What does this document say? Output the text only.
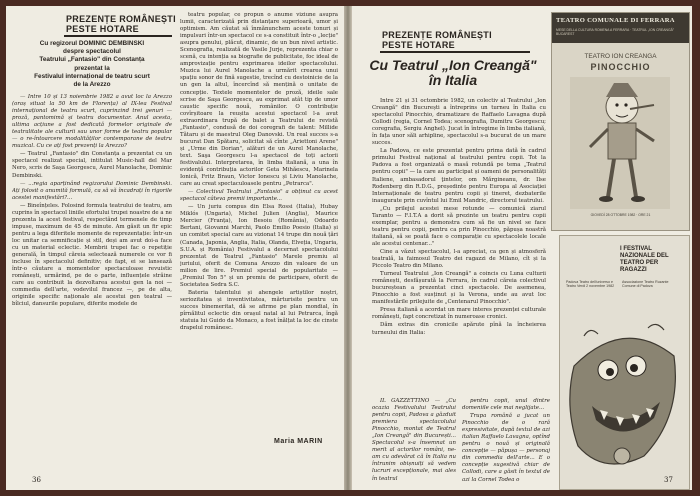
PREZENȚE ROMÂNEȘTI
PESTE HOTARE
Cu regizorul DOMINIC DEMBINSKI
despre spectacolul
Teatrului „Fantasio" din Constanța
prezentat la
Festivalul internațional de teatru scurt
de la Arezzo

— Între 10 și 13 noiembrie 1982 a avut loc la Arezzo (oraș situat la 50 km de Florența) al IX-lea Festival internațional de teatru scurt, cuprinzind trei genuri — proză, pantomimă și teatru documentar. Anul acesta, ultima acțiune a fost dedicată formelor originale de teatralitate ale culturii sau unor forme de teatru popular — o re-întoarcere modalităților contemporane de teatru muzical. Cu ce ați fost prezenți la Arezzo?

— Teatrul „Fantasio" din Constanța a prezentat cu un spectacol realizat special, intitulat Music-hall del Mar Nero, scris de Saşa Georgescu, Aurel Manolache, Dominic Dembinski.

— ...regia aparținând regizorului Dominic Dembinski. Ați folosit o anumită formulă, ca să vă încadrați în rigorile acestei manifestări?...

— Bineînțeles. Folosind formula teatrului de teatru, am cuprins în spectacol liniile efortului trupei noastre de a ne prezenta la acest festival, respectând termenele de timp impuse, maximum de 45 de minute. Am găsit un fir epic pentru a lega diferitele momente de reprezentație: într-un loc unitar ca semnificație și stil, deși am avut doi-a face cu un material eclectic. Membrii trupei fac o repetiție generală, în timpul căreia selectează numerele ce vor fi incluse în spectacolul definitiv; de fapt, ei se lansează într-o căutare a momentelor spectaculoase revuistic românești, urmărind, pe de o parte, influențele străine care au contribuit la dezvoltarea acestui gen la noi — commedia dell'arte, vodevilul francez —, pe de alta, originile specific naționale ale acestui gen teatral — bîlciul, dansurile populare, diferite modele de

teatru popular, ce propun o anume viziune asupra lumii, caracterizată prin distanțare superioară, umor și optimism. Am căutat să înmănunchem aceste tonuri și impulsuri într-un spectacol ce s-a constituit într-o „lecție" asupra genului, plăcut, dinamic, de un bun nivel artistic. Scenografia, realizată de Vasile Jurje, reprezenta chiar o scenă, cu intenția sa biografie de publicitate, foc ideal de amprovizație pentru exprimarea ideilor spectacolului. Muzica lui Aurel Manolache a urmărit crearea unui spațiu sonor de fină sugestie, trecînd cu destoinicie de la un gen la altul, încercînd să mențină o unitate de concepție. Textele momentelor de proză, ideile sale scrise de Saşa Georgescu, au exprimat atât tip de umor caustic specific nouă, românilor. O contribuție covîrșitoare la reușita acestui spectacol l-a avut extraordinara trupă de balet a Teatrului de revistă „Fantasio", condusă de doi coregrafi de talent: Millide Tătaru și de maestrul Oleg Danovski. Un real succes s-a bucurat Dan Spătaru, solicitat să cînte „Ariettoni Arene" și „Urme din Dorian", alături de un Aurel Manolache, text. Saşa Georgescu l-a spectacol de toți actorii festivalului. Interpretarea, în limba italiană, a una în evidență contribuția actorilor Geta Mihăescu, Marinela Ionică, Fritz Braun, Victor Ionescu și Liviu Manolache, care au creat spectaculoasele pentru „Petrarca".

— Colectivul Teatrului „Fantasio" a obținut cu acest spectacol câteva premii importante...

— Un juriu compus din Elsa Rossi (Italia), Hubay Miklós (Ungaria), Michel Julien (Anglia), Maurice Mercier (Franța), Ion Besoiu (România), Odoardo Bertani, Giovanni Marchi, Paolo Emilio Poesio (Italia) și un comitet special care au vizionat 14 trupe din nouă țări (Canada, Japonia, Anglia, Italia, Olanda, Elveția, Ungaria, S.U.A. și România) Festivalul a decernat spectacolului prezentat de Teatrul „Fantasio" Marele premiu al juriului, oferit de Comuna Arezzo din valoare de un milion de lire. Premiul special de popularitate — „Premiul Ton 5" și un premiu de participare, oferit de Societatea Sedra S.C.

Bateria talentului și ahengele artiștilor noștri, seriozitatea și inventivitatea, mărturisite pentru un succes binemeritat, dă se afirme pe plan mondial, în pîrnălitul eclectic din orașul natal al lui Petrarca, îngă statuia lui Guido da Monaco, a fost înălțat la loc de cinste drapelul românesc.

Maria MARIN
36
PREZENȚE ROMÂNEȘTI
PESTE HOTARE
Cu Teatrul „Ion Creangă"
în Italia

Între 21 și 31 octombrie 1982, un colectiv al Teatrului „Ion Creangă" din București a întreprins un turneu în Italia cu spectacolul Pinocchio, dramatizare de Raffaelo Lavagna după Collodi (regia, Cornel Todea; scenografia, Dumitru Georgescu; coregrafia, Sergiu Anghel). Jucat în întregime în limba italiană, în fața unor săli arhipline, spectacolul s-a bucurat de un mare succes.

La Padova, ce este prezentat pentru prima dată în cadrul primului Festival național al teatrului pentru copii. Tot la Padova a fost organizată o masă rotundă pe tema „Teatrul pentru copii" — la care au participat și oameni de personalități Italiene, ambasadorul ţintelor, om Mărgineanu, dr. Ilse Rodenberg din R.D.G., președinte pentru Europa al Asociației Internaționale de teatru pentru copii și tineret, dezbaterile inaugurate prin cuvîntul lui Emil Mandric, directorul teatrului.

„Cu prilejul acestei mese rotunde — comunică ziarul Taranto — F.I.T.A a dorit să prezinte un teatru pentru copii exemplar, pentru a demonstra cum să fie un nivel se face teatru pentru copii, pentru ca prin Pinocchio, păpușa noastră italiană, să se poată face o comparație cu spectacolele locale ale acestui centenar..."

Cine a văzut spectacolul, l-a apreciat, ca gen și atmosferă teatrală, la faimosul Teatro dei ragazzi de Milano, cît și la Piccolo Teatro din Milano.

Turneul Teatrului „Ion Creangă" a coincis cu Luna culturii românești, desfășurată la Ferrara, în cadrul căreia colectivul bucureștean a prezentat cinci spectacole. De asemenea, Pinocchio a fost susținut și la Verona, unde au avut loc manifestările prilejuite de „Centenarul Pinocchio".

Presa italiană a acordat un mare interes prezenței culturale românești, fapt concretizat în numeroase cronici.

Dăm extras din cronicile apărute pînă la încheierea turneului din Italia:

IL GAZZETTINO — „Cu ocazia Festivalului Teatrului pentru copii, Padova a găzduit premiera spectacolului Pinocchio, montat de Teatrul „Ion Creangă" din București... Spectacolul s-a însemnat un merit al actorilor români, ne-am cu adevărat că în Italia nu întrunim obișnuiți să vedem lucruri excepționale, mai ales în teatrul

pentru copii, unul dintre domeniile cele mai neglijate...

Trupa română a jucat un Pinocchio de o rară expresivitate, după textul de azi italian Raffaelo Lavagna, optînd pentru o nouă și originală concepție — păpușa — personaj din commedia dell'arte... E o concepție sugestivă chiar de Collodi, care a găsit în textul de azi la Cornel Todea o

TEATRO COMUNALE DI FERRARA
MESE DELLA CULTURA ROMENA A FERRARA · TEATRUL „ION CREANGĂ" BUCAREST
TEATRO ION CREANGA
PINOCCHIO
GIOVEDÌ 28 OTTOBRE 1982 · ORE 21
I FESTIVAL NAZIONALE DEL TEATRO PER RAGAZZI
Padova Teatro dell'universo e Teatro Verdi 2 novembre 1982
Associazione Teatro Ruzante Comune di Padova
37
